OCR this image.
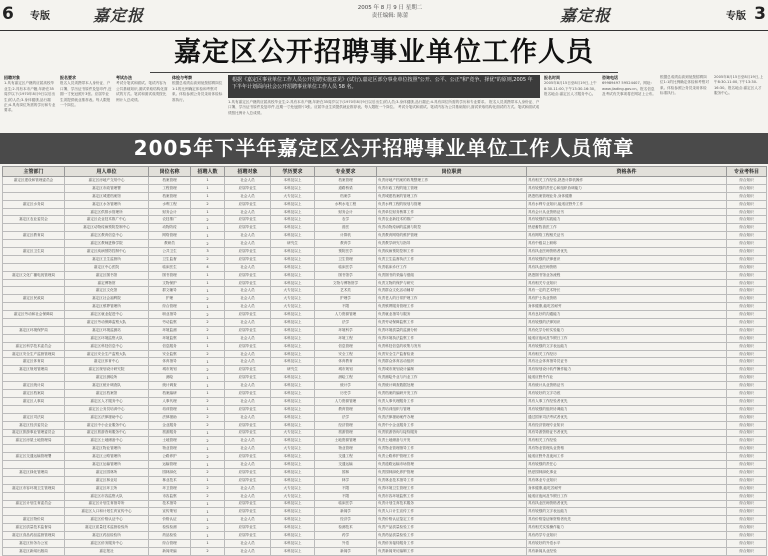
6 专版	嘉定报	2005 年 8 月 9 日 星期二
责任编辑: 陈蕾	嘉定报	专版 3
嘉定区公开招聘事业单位工作人员
招聘对象
1.具有嘉定区户籍的应届高校毕业生;2.具有本市户籍,年龄在35周岁以下(1970年8月9日以后出生)的人员;3.身体健康,品行端正;4.具有岗位所需的学历和专业要求。
报名要求
报名人员须携带本人身份证、户口簿、学历证书原件及复印件,近期一寸免冠照片3张。应届毕业生须提供就业推荐表。每人限报一个岗位。
考试办法
考试分笔试和面试。笔试内容为公共基础知识,面试采取结构化面试的方式。笔试和面试成绩按比例计入总成绩。
体检与考察
根据总成绩由高到低按招聘岗位1:1的比例确定体检和考察对象。体检参照公务员录用体检标准执行。
根据《嘉定区事业单位工作人员公开招聘实施意见》(试行),嘉定区部分事业单位按照"公开、公平、公正"和"竞争、择优"的原则,2005 年下半年计划面向社会公开招聘事业单位工作人员 58 名。
1.具有嘉定区户籍的应届高校毕业生;2.具有本市户籍,年龄在35周岁以下(1970年8月9日以后出生)的人员;3.身体健康,品行端正;4.具有岗位所需的学历和专业要求。 报名人员须携带本人身份证、户口簿、学历证书原件及复印件,近期一寸免冠照片3张。应届毕业生须提供就业推荐表。每人限报一个岗位。 考试分笔试和面试。笔试内容为公共基础知识,面试采取结构化面试的方式。笔试和面试成绩按比例计入总成绩。
报名时间
2005年8月15日至8月19日,上午8:30-11:00,下午13:30-16:30。报名地点:嘉定区人才服务中心。
咨询电话
69989497 59524407。网址: www.jiading.gov.cn。报名信息及考试有关事项将在网站上公布。
根据总成绩由高到低按招聘岗位1:1的比例确定体检和考察对象。体检参照公务员录用体检标准执行。
2005年8月15日至8月19日,上午8:30-11:00,下午13:30-16:30。报名地点:嘉定区人才服务中心。
2005年下半年嘉定区公开招聘事业单位工作人员简章
主管部门	用人单位	岗位名称	招聘人数	招聘对象	学历要求	专业要求	岗位职责	资格条件	专业考科目
嘉定区建设和管理委员会	嘉定区房地产交易中心	档案管理	1	社会人员	本科及以上	档案管理	负责房地产档案的收集整理工作	具有相关工作经验,熟悉计算机操作	综合知识
	嘉定区市政管理署	工程管理	1	应届毕业生	本科及以上	道路桥梁	负责市政工程的施工管理	具有较强的责任心和组织协调能力	综合知识
	嘉定区城建档案馆	档案管理	1	社会人员	大专及以上	档案学	负责城建档案的管理工作	熟悉档案管理业务,身体健康	综合知识
嘉定区水务局	嘉定区水务管理所	水利工程	2	应届毕业生	本科及以上	水利水电工程	负责水利工程的规划与管理	具有水利专业知识,能适应野外工作	综合知识
	嘉定区供排水管理所	财务会计	1	社会人员	本科及以上	财务会计	负责单位财务核算工作	具有会计从业资格证书	综合知识
嘉定区农业委员会	嘉定区农业技术推广中心	农技推广	2	应届毕业生	本科及以上	农学	负责农业新技术的推广	具有较强的实践能力	综合知识
	嘉定区动物疫病预防控制中心	动物防疫	1	应届毕业生	本科及以上	兽医	负责动物疫病的监测与防控	热爱畜牧兽医工作	综合知识
嘉定区教育局	嘉定区教育信息中心	网络管理	1	社会人员	本科及以上	计算机	负责教育网络的维护管理	具有网络工程相关证书	综合知识
	嘉定区教师进修学院	教研员	2	社会人员	研究生	教育学	负责教学研究与指导	具有中级以上职称	综合知识
嘉定区卫生局	嘉定区疾病预防控制中心	公共卫生	3	应届毕业生	本科及以上	预防医学	负责疾病预防控制工作	具有执业医师资格者优先	综合知识
	嘉定区卫生监督所	卫生监督	2	应届毕业生	本科及以上	卫生管理	负责卫生监督执法工作	具有较强的法律意识	综合知识
	嘉定区中心医院	临床医生	4	社会人员	本科及以上	临床医学	负责临床诊疗工作	具有执业医师资格	综合知识
嘉定区文化广播电视管理局	嘉定区图书馆	图书管理	1	应届毕业生	本科及以上	图书馆学	负责图书的采编与借阅	熟悉图书馆业务流程	综合知识
	嘉定博物馆	文物保护	1	应届毕业生	本科及以上	文物与博物馆学	负责文物的保护与研究	具有相关专业知识	综合知识
	嘉定区文化馆	群文辅导	1	社会人员	大专及以上	艺术类	负责群众文化活动辅导	具有一定的艺术特长	综合知识
嘉定区民政局	嘉定区社会福利院	护理	2	社会人员	大专及以上	护理学	负责老人的日常护理工作	具有护士执业资格	综合知识
	嘉定区殡葬管理所	综合管理	1	社会人员	大专及以上	不限	负责殡葬服务管理工作	身体健康,能吃苦耐劳	综合知识
嘉定区劳动和社会保障局	嘉定区就业促进中心	职业指导	2	应届毕业生	本科及以上	人力资源管理	负责就业指导与服务	具有良好的沟通能力	综合知识
	嘉定区劳动保障监察大队	劳动监察	2	社会人员	本科及以上	法学	负责劳动保障监察工作	具有较强的法律知识	综合知识
嘉定区环境保护局	嘉定区环境监测站	环境监测	2	应届毕业生	本科及以上	环境科学	负责环境质量的监测分析	具有化学分析实验能力	综合知识
	嘉定区环境监察大队	环境监察	1	社会人员	本科及以上	环境工程	负责环境执法监察工作	能适应夜间及节假日工作	综合知识
嘉定区科学技术委员会	嘉定区科技信息中心	信息服务	1	应届毕业生	本科及以上	信息管理	负责科技信息的收集与发布	具有较强的文字表达能力	综合知识
嘉定区安全生产监督管理局	嘉定区安全生产监察大队	安全监察	2	社会人员	本科及以上	安全工程	负责安全生产监督检查	具有相关工作经历	综合知识
嘉定区体育局	嘉定区体育中心	体育指导	1	社会人员	本科及以上	体育教育	负责群众体育活动组织	具有社会体育指导员证书	综合知识
嘉定区规划管理局	嘉定区规划设计研究院	城市规划	2	应届毕业生	研究生	城市规划	负责城市规划设计编制	具有规划设计软件操作能力	综合知识
	嘉定区测绘所	测绘	1	应届毕业生	本科及以上	测绘工程	负责测绘外业与内业工作	能适应野外作业	综合知识
嘉定区统计局	嘉定区统计调查队	统计调查	1	社会人员	本科及以上	统计学	负责统计调查数据处理	具有统计从业资格证书	综合知识
嘉定区档案局	嘉定区档案馆	档案编研	1	应届毕业生	本科及以上	历史学	负责档案的编研开发工作	具有较好的文字功底	综合知识
嘉定区人事局	嘉定区人才服务中心	人事代理	2	社会人员	本科及以上	人力资源管理	负责人事代理服务工作	具有人事工作经验者优先	综合知识
	嘉定区公务员培训中心	培训管理	1	应届毕业生	本科及以上	教育管理	负责培训组织与管理	具有较强的组织协调能力	综合知识
嘉定区司法局	嘉定区法律援助中心	法律援助	2	社会人员	本科及以上	法学	负责法律援助案件办理	通过国家司法考试者优先	综合知识
嘉定区经济委员会	嘉定区中小企业服务中心	企业服务	2	应届毕业生	本科及以上	经济管理	负责中小企业服务工作	具有经济管理专业知识	综合知识
嘉定区旅游事业管理委员会	嘉定区旅游咨询服务中心	旅游服务	1	应届毕业生	大专及以上	旅游管理	负责旅游咨询与接待服务	具有导游资格证书者优先	综合知识
嘉定区房屋土地管理局	嘉定区土地储备中心	土地管理	2	社会人员	本科及以上	土地资源管理	负责土地储备与开发	具有相关工作经验	综合知识
	嘉定区物业管理所	物业管理	1	社会人员	大专及以上	物业管理	负责物业管理指导工作	具有物业管理从业资格	综合知识
嘉定区交通运输管理署	嘉定区公路管理所	公路养护	2	应届毕业生	本科及以上	交通工程	负责公路养护管理工作	能适应野外及夜间工作	综合知识
	嘉定区运输管理所	运输管理	1	社会人员	本科及以上	交通运输	负责道路运输市场管理	具有较强的责任心	综合知识
嘉定区绿化管理局	嘉定区园林所	园林绿化	2	应届毕业生	本科及以上	园林	负责园林绿化养护管理	热爱园林绿化事业	综合知识
	嘉定区林业站	林业技术	1	应届毕业生	本科及以上	林学	负责林业技术指导工作	具有林业专业知识	综合知识
嘉定区市容环境卫生管理局	嘉定区环卫所	环卫管理	2	社会人员	大专及以上	不限	负责环境卫生管理工作	身体健康,能吃苦耐劳	综合知识
	嘉定区市容监察大队	市容监察	2	社会人员	大专及以上	不限	负责市容环境监察工作	能适应夜间及节假日工作	综合知识
嘉定区计划生育委员会	嘉定区计划生育指导所	技术指导	1	应届毕业生	本科及以上	临床医学	负责计划生育技术服务	具有执业医师资格者优先	综合知识
	嘉定区人口和计划生育宣传中心	宣传策划	1	应届毕业生	本科及以上	新闻学	负责人口计生宣传工作	具有较强的文字表达能力	综合知识
嘉定区物价局	嘉定区价格认证中心	价格认证	1	社会人员	本科及以上	经济学	负责价格认证鉴定工作	具有价格鉴证师资格者优先	综合知识
嘉定区质量技术监督局	嘉定区质量技术监督检验所	检验检测	2	应届毕业生	本科及以上	检测技术	负责产品质量检验工作	具有相关实验操作能力	综合知识
嘉定区食品药品监督管理局	嘉定区药品检验所	药品检验	1	应届毕业生	本科及以上	药学	负责药品质量检验工作	具有药学专业知识	综合知识
嘉定区侨务办公室	嘉定区侨务服务中心	综合管理	1	社会人员	本科及以上	外语	负责侨务接待服务工作	具有较好的外语水平	综合知识
嘉定区新闻出版局	嘉定报社	新闻采编	2	社会人员	本科及以上	新闻学	负责新闻采访编辑工作	具有新闻从业经验	综合知识
